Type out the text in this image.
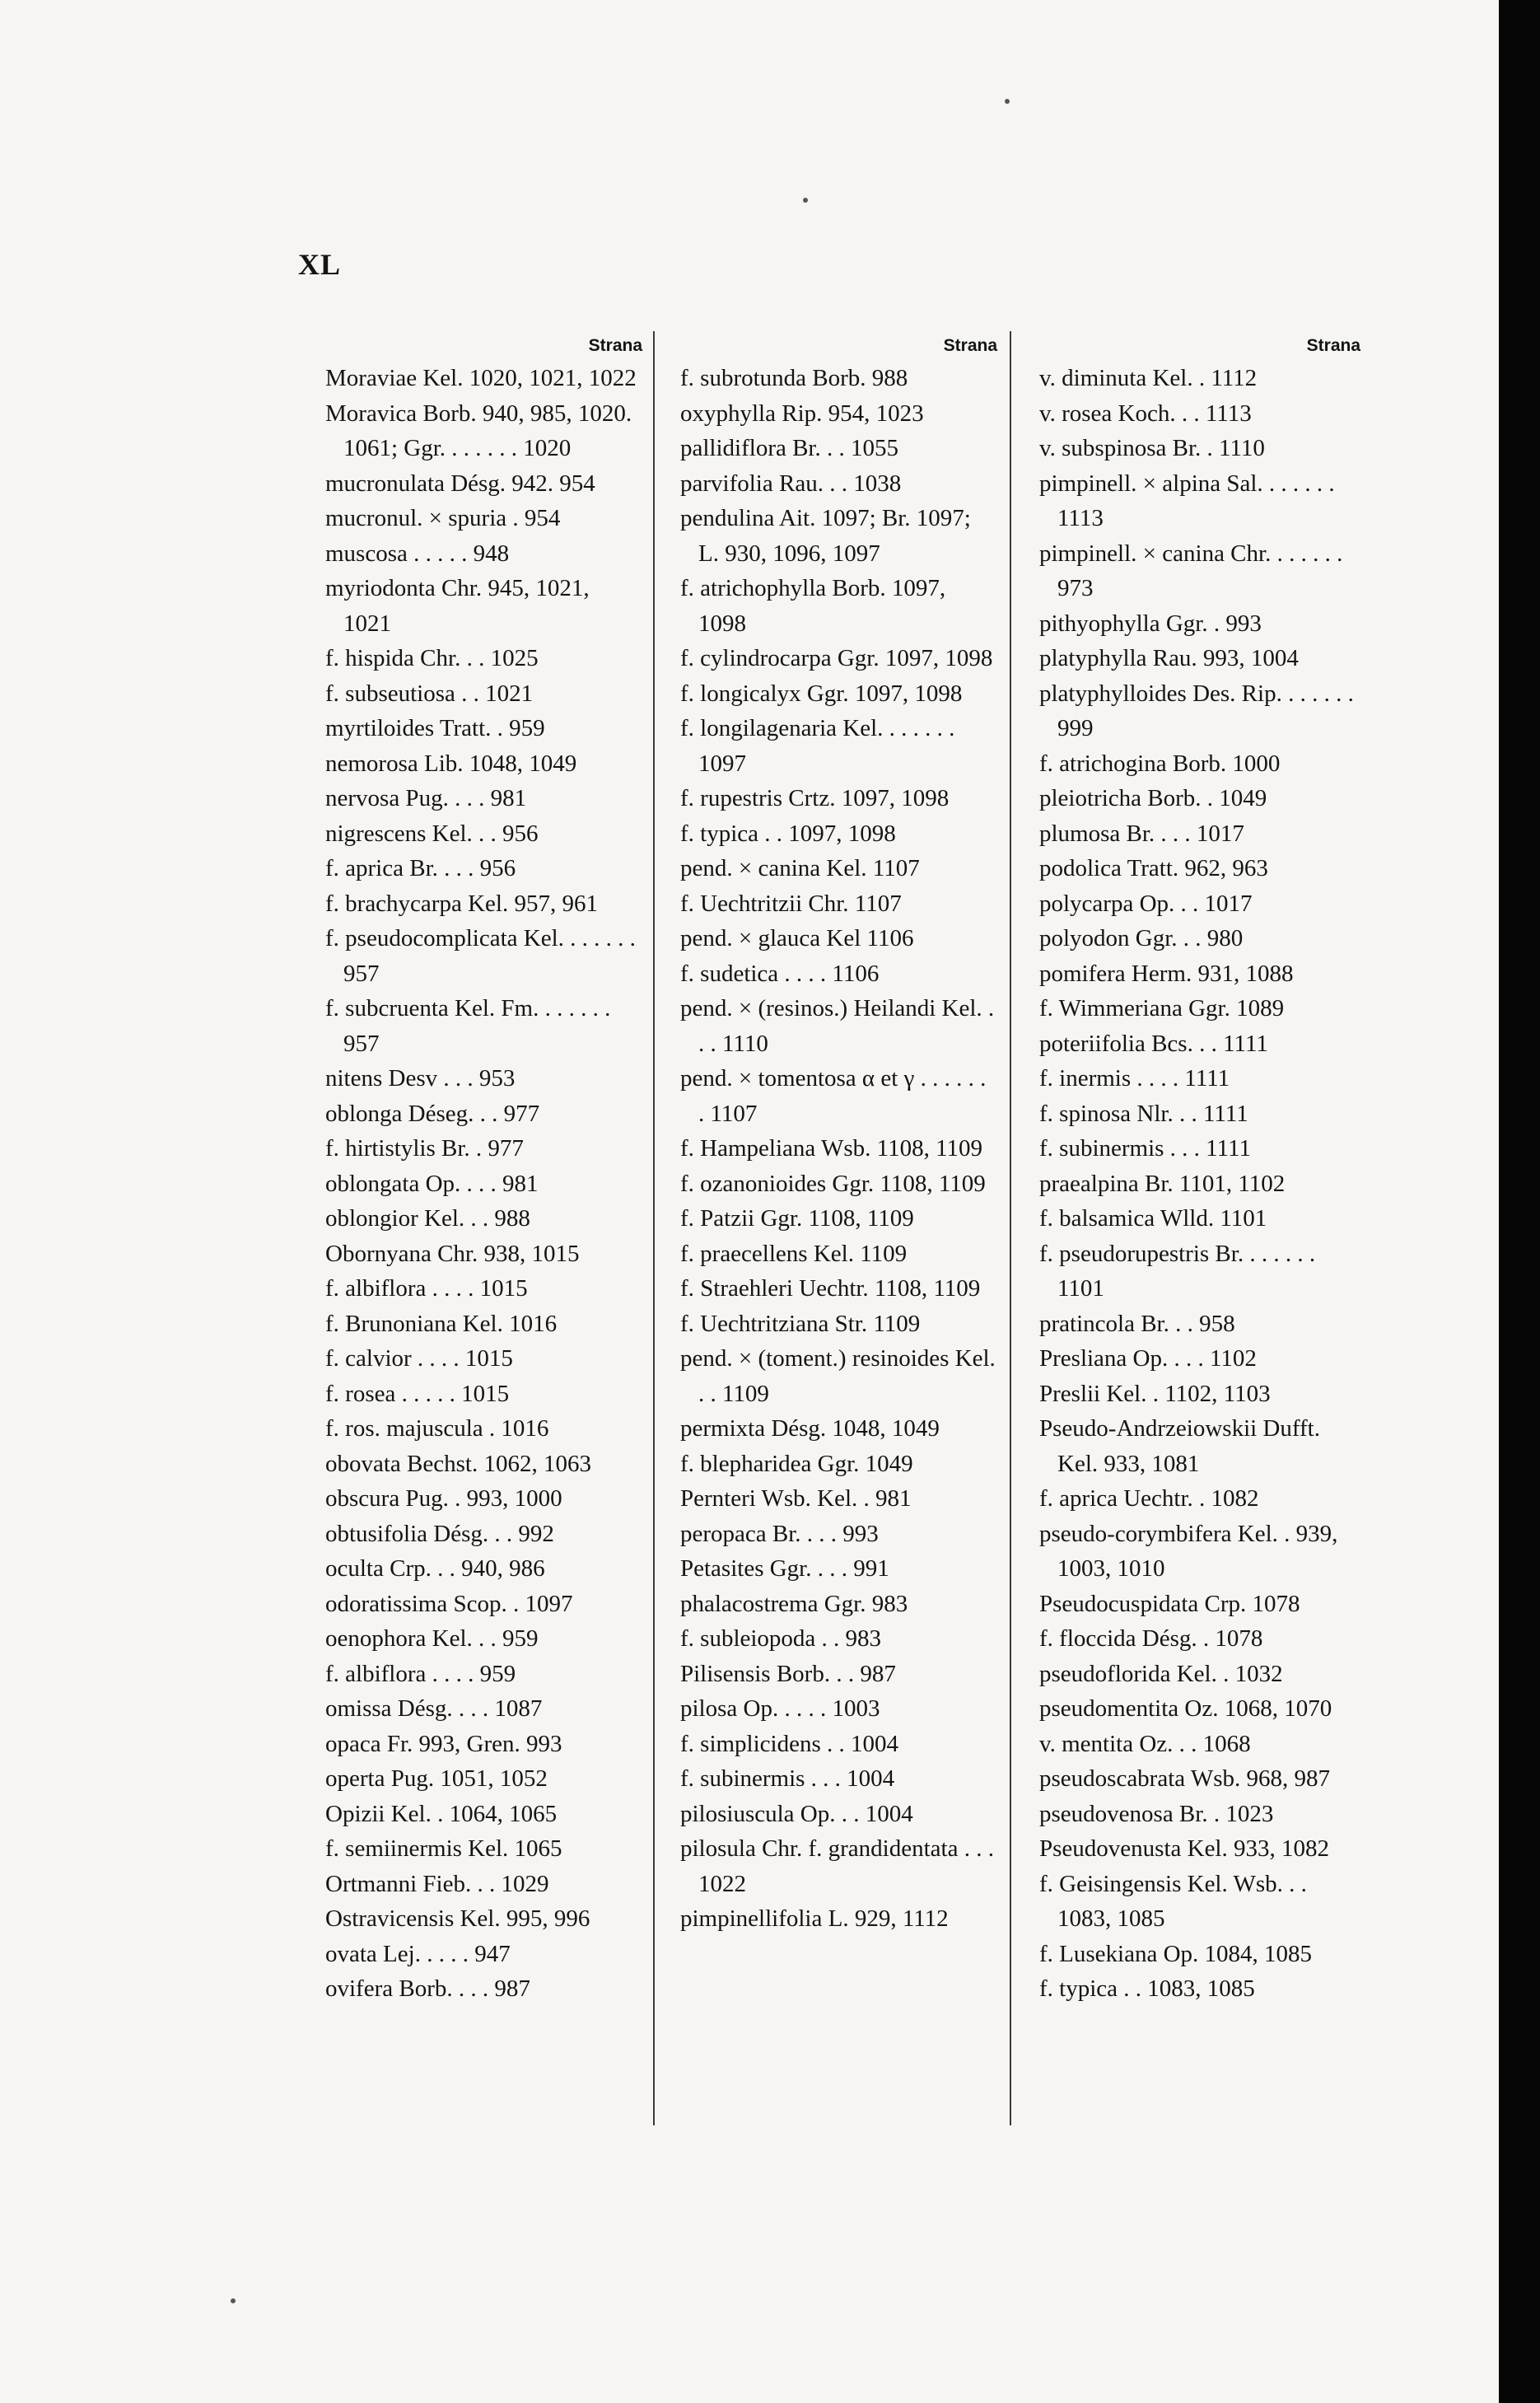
XL
Strana
Moraviae Kel. 1020, 1021, 1022
Moravica Borb. 940, 985, 1020. 1061; Ggr. . . . . . . 1020
mucronulata Désg. 942. 954
mucronul. × spuria . 954
muscosa . . . . . 948
myriodonta Chr. 945, 1021, 1021
f. hispida Chr. . . 1025
f. subseutiosa . . 1021
myrtiloides Tratt. . 959
nemorosa Lib. 1048, 1049
nervosa Pug. . . . 981
nigrescens Kel. . . 956
f. aprica Br. . . . 956
f. brachycarpa Kel. 957, 961
f. pseudocomplicata Kel. . . . . . . 957
f. subcruenta Kel. Fm. . . . . . . 957
nitens Desv . . . 953
oblonga Déseg. . . 977
f. hirtistylis Br. . 977
oblongata Op. . . . 981
oblongior Kel. . . 988
Obornyana Chr. 938, 1015
f. albiflora . . . . 1015
f. Brunoniana Kel. 1016
f. calvior . . . . 1015
f. rosea . . . . . 1015
f. ros. majuscula . 1016
obovata Bechst. 1062, 1063
obscura Pug. . 993, 1000
obtusifolia Désg. . . 992
oculta Crp. . . 940, 986
odoratissima Scop. . 1097
oenophora Kel. . . 959
f. albiflora . . . . 959
omissa Désg. . . . 1087
opaca Fr. 993, Gren. 993
operta Pug. 1051, 1052
Opizii Kel. . 1064, 1065
f. semiinermis Kel. 1065
Ortmanni Fieb. . . 1029
Ostravicensis Kel. 995, 996
ovata Lej. . . . . 947
ovifera Borb. . . . 987
Strana
f. subrotunda Borb. 988
oxyphylla Rip. 954, 1023
pallidiflora Br. . . 1055
parvifolia Rau. . . 1038
pendulina Ait. 1097; Br. 1097; L. 930, 1096, 1097
f. atrichophylla Borb. 1097, 1098
f. cylindrocarpa Ggr. 1097, 1098
f. longicalyx Ggr. 1097, 1098
f. longilagenaria Kel. . . . . . . 1097
f. rupestris Crtz. 1097, 1098
f. typica . . 1097, 1098
pend. × canina Kel. 1107
f. Uechtritzii Chr. 1107
pend. × glauca Kel 1106
f. sudetica . . . . 1106
pend. × (resinos.) Heilandi Kel. . . . 1110
pend. × tomentosa α et γ . . . . . . . 1107
f. Hampeliana Wsb. 1108, 1109
f. ozanonioides Ggr. 1108, 1109
f. Patzii Ggr. 1108, 1109
f. praecellens Kel. 1109
f. Straehleri Uechtr. 1108, 1109
f. Uechtritziana Str. 1109
pend. × (toment.) resinoides Kel. . . 1109
permixta Désg. 1048, 1049
f. blepharidea Ggr. 1049
Pernteri Wsb. Kel. . 981
peropaca Br. . . . 993
Petasites Ggr. . . . 991
phalacostrema Ggr. 983
f. subleiopoda . . 983
Pilisensis Borb. . . 987
pilosa Op. . . . . 1003
f. simplicidens . . 1004
f. subinermis . . . 1004
pilosiuscula Op. . . 1004
pilosula Chr. f. grandidentata . . . 1022
pimpinellifolia L. 929, 1112
Strana
v. diminuta Kel. . 1112
v. rosea Koch. . . 1113
v. subspinosa Br. . 1110
pimpinell. × alpina Sal. . . . . . . 1113
pimpinell. × canina Chr. . . . . . . 973
pithyophylla Ggr. . 993
platyphylla Rau. 993, 1004
platyphylloides Des. Rip. . . . . . . 999
f. atrichogina Borb. 1000
pleiotricha Borb. . 1049
plumosa Br. . . . 1017
podolica Tratt. 962, 963
polycarpa Op. . . 1017
polyodon Ggr. . . 980
pomifera Herm. 931, 1088
f. Wimmeriana Ggr. 1089
poteriifolia Bcs. . . 1111
f. inermis . . . . 1111
f. spinosa Nlr. . . 1111
f. subinermis . . . 1111
praealpina Br. 1101, 1102
f. balsamica Wlld. 1101
f. pseudorupestris Br. . . . . . . 1101
pratincola Br. . . 958
Presliana Op. . . . 1102
Preslii Kel. . 1102, 1103
Pseudo-Andrzeiowskii Dufft. Kel. 933, 1081
f. aprica Uechtr. . 1082
pseudo-corymbifera Kel. . 939, 1003, 1010
Pseudocuspidata Crp. 1078
f. floccida Désg. . 1078
pseudoflorida Kel. . 1032
pseudomentita Oz. 1068, 1070
v. mentita Oz. . . 1068
pseudoscabrata Wsb. 968, 987
pseudovenosa Br. . 1023
Pseudovenusta Kel. 933, 1082
f. Geisingensis Kel. Wsb. . . 1083, 1085
f. Lusekiana Op. 1084, 1085
f. typica . . 1083, 1085
